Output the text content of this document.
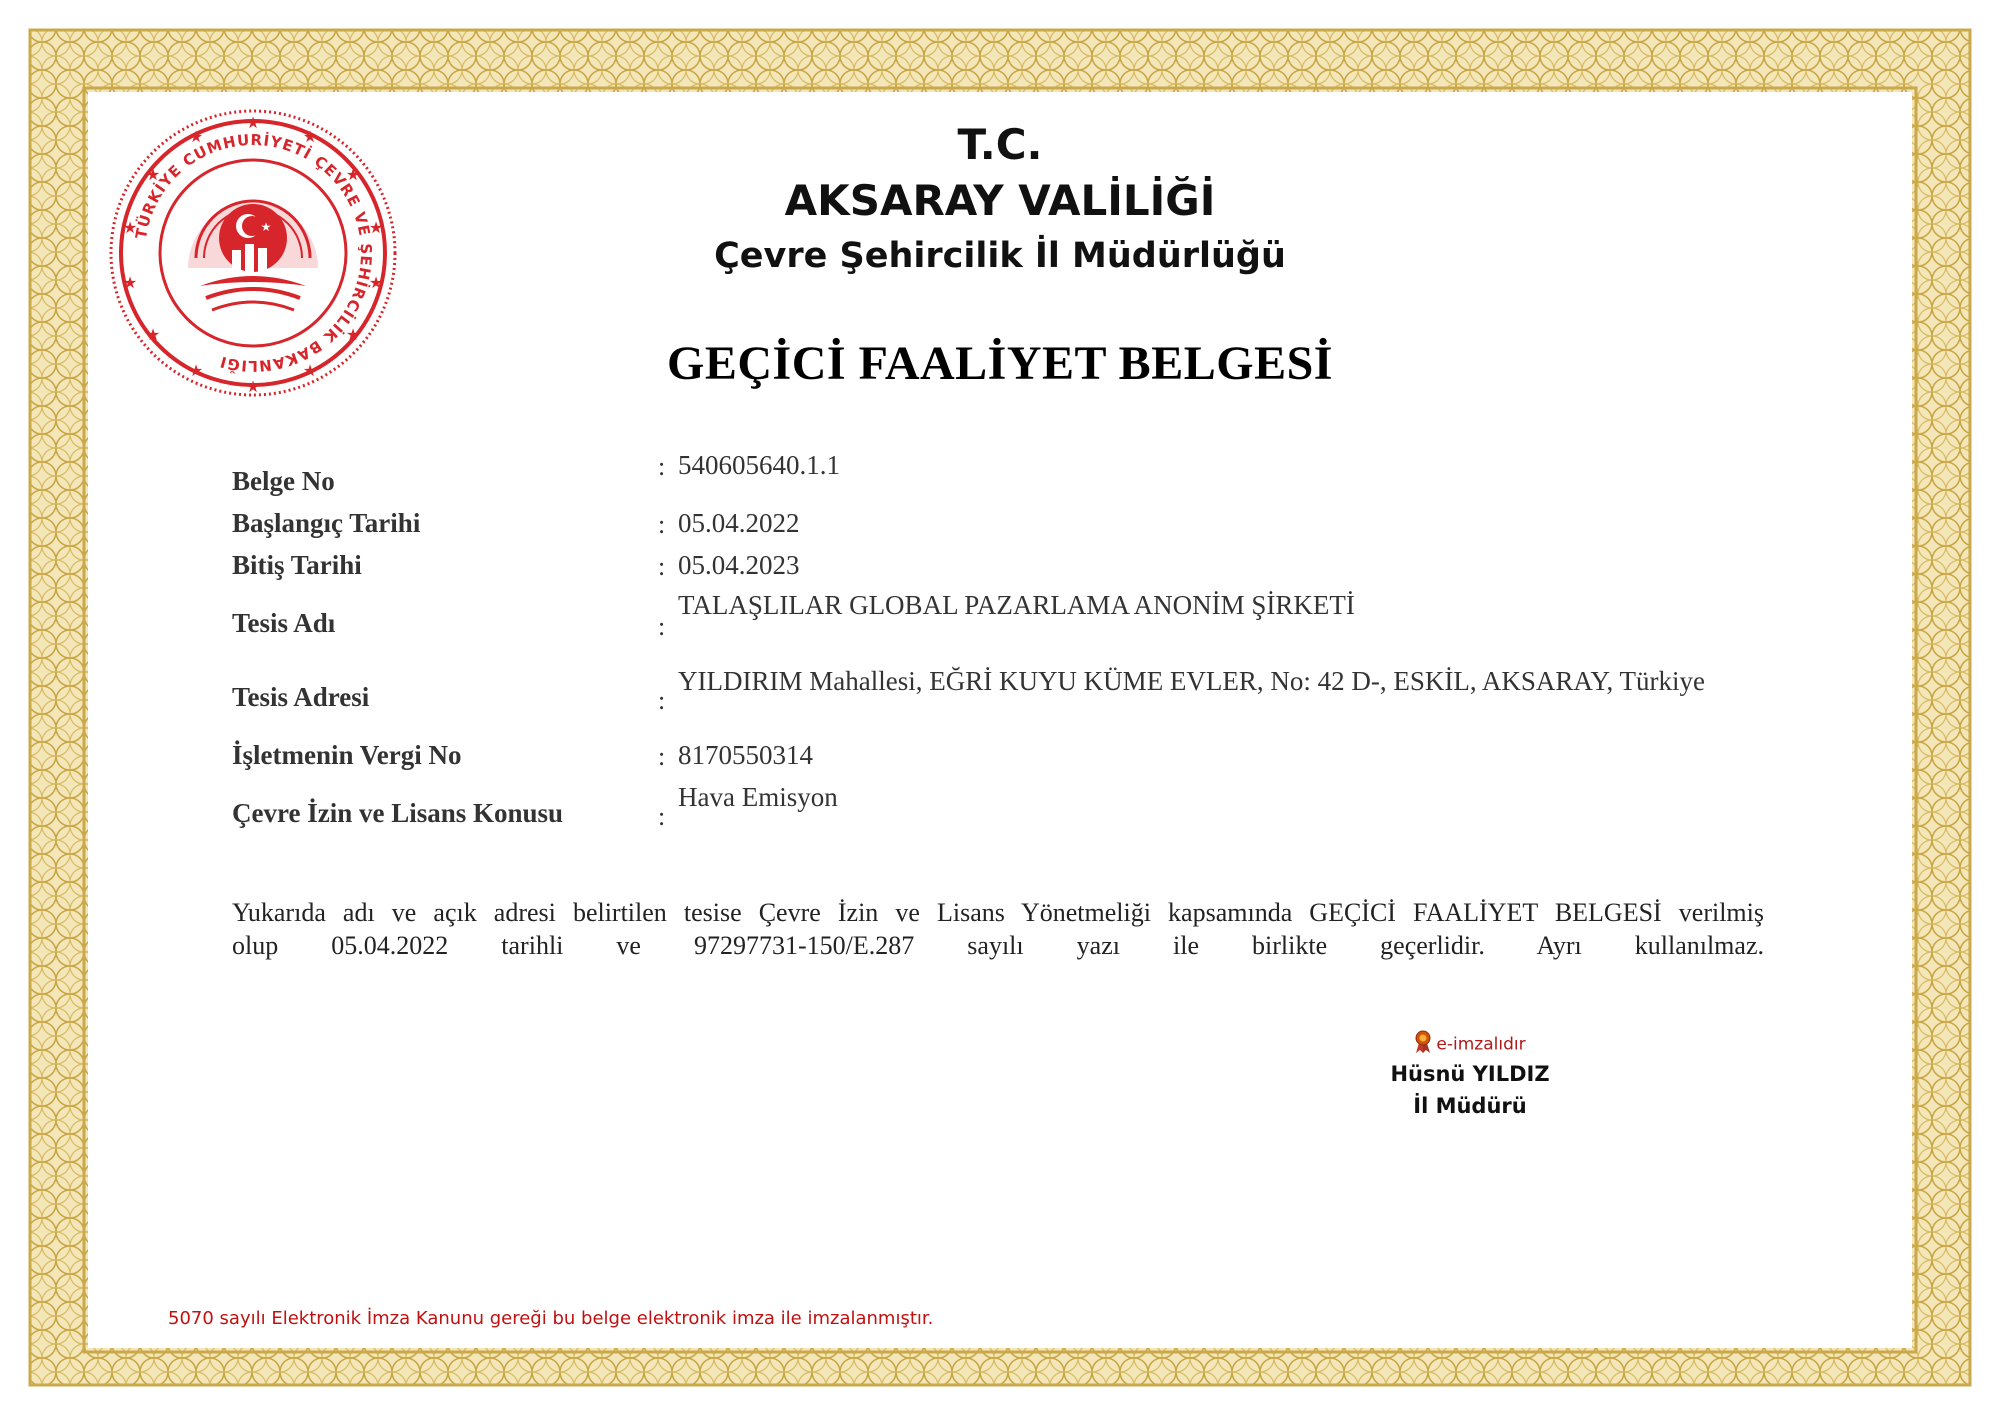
TÜRKİYE CUMHURİYETİ ÇEVRE VE ŞEHİRCİLİK BAKANLIĞI
★
★	★
★	★
★	★
★	★
★	★
★	★
★
★
T.C.
AKSARAY VALİLİĞİ
Çevre Şehircilik İl Müdürlüğü
GEÇİCİ FAALİYET BELGESİ
Belge No	: 540605640.1.1
Başlangıç Tarihi	: 05.04.2022
Bitiş Tarihi	: 05.04.2023
Tesis Adı	:
TALAŞLILAR GLOBAL PAZARLAMA ANONİM ŞİRKETİ
Tesis Adresi	:
YILDIRIM Mahallesi, EĞRİ KUYU KÜME EVLER, No: 42 D-, ESKİL, AKSARAY, Türkiye
İşletmenin Vergi No	: 8170550314
Çevre İzin ve Lisans Konusu	:
Hava Emisyon
Yukarıda adı ve açık adresi belirtilen tesise Çevre İzin ve Lisans Yönetmeliği kapsamında GEÇİCİ FAALİYET BELGESİ verilmiş
olup 05.04.2022 tarihli ve 97297731-150/E.287 sayılı yazı ile birlikte geçerlidir. Ayrı kullanılmaz.
e-imzalıdır
Hüsnü YILDIZ
İl Müdürü
5070 sayılı Elektronik İmza Kanunu gereği bu belge elektronik imza ile imzalanmıştır.
